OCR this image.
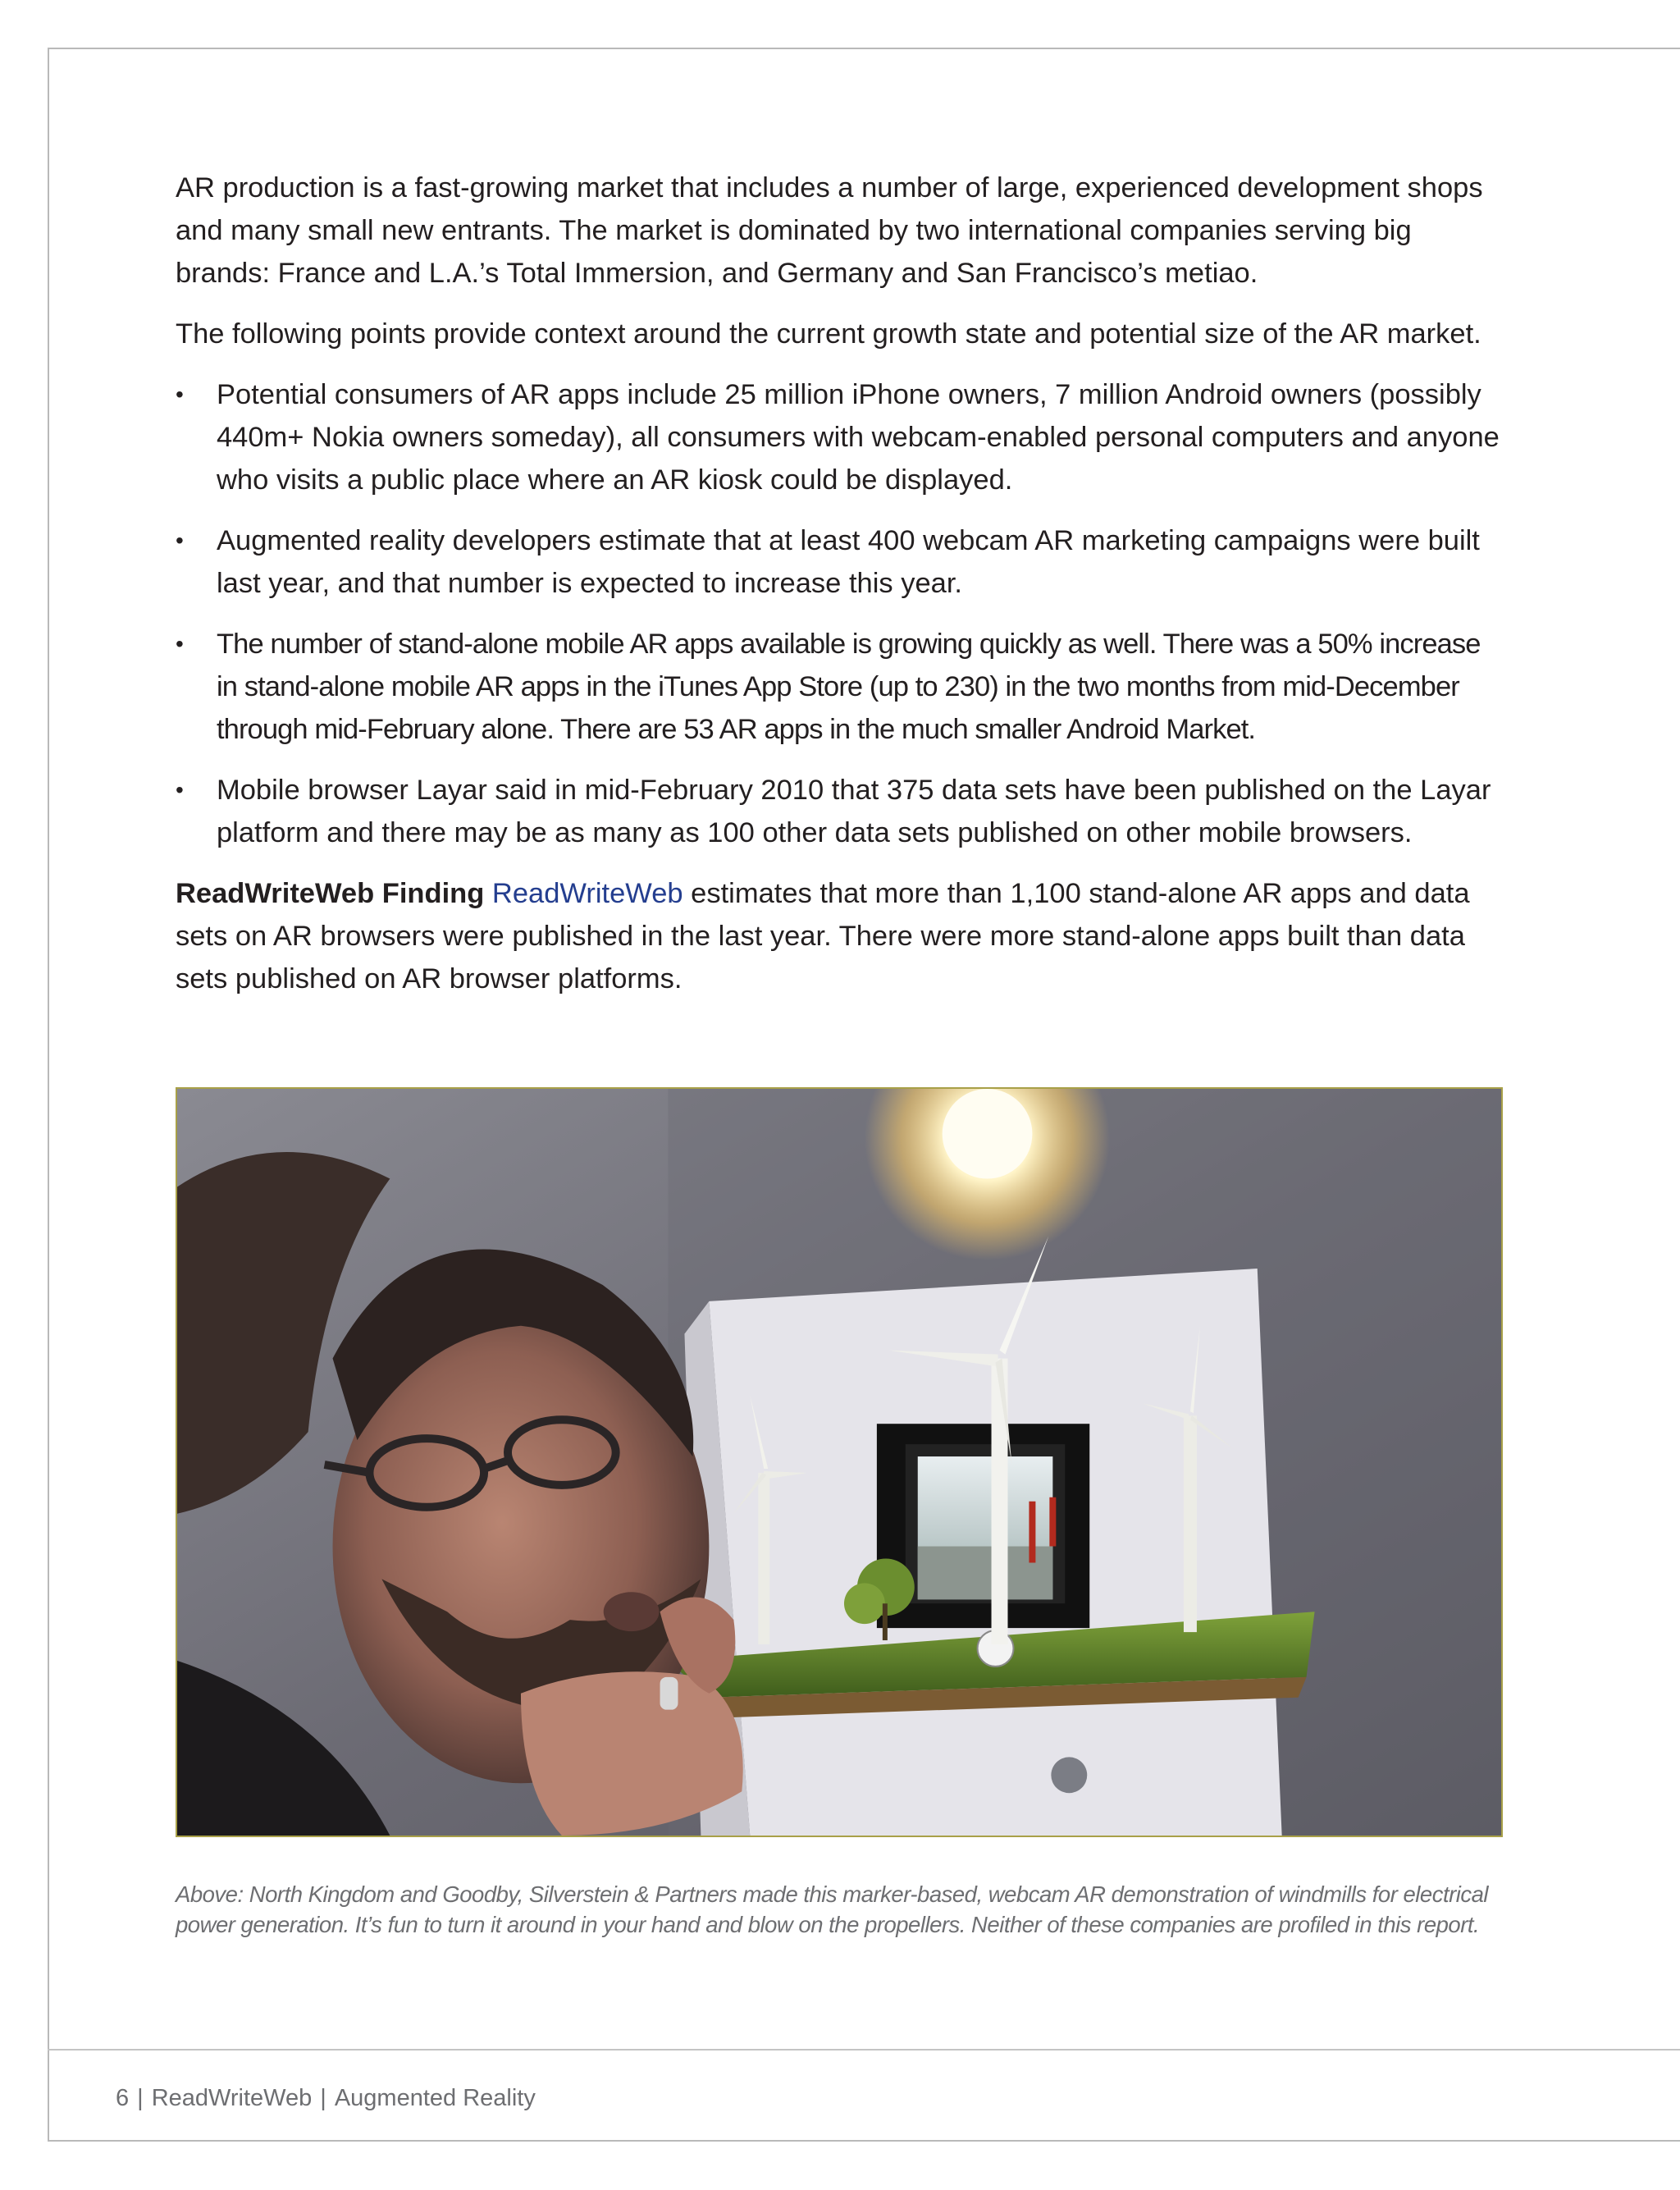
AR production is a fast-growing market that includes a number of large, experienced development shops and many small new entrants. The market is dominated by two international companies serving big brands: France and L.A.’s Total Immersion, and Germany and San Francisco’s metiao.

The following points provide context around the current growth state and potential size of the AR market.

• Potential consumers of AR apps include 25 million iPhone owners, 7 million Android owners (possibly 440m+ Nokia owners someday), all consumers with webcam-enabled personal computers and anyone who visits a public place where an AR kiosk could be displayed.
• Augmented reality developers estimate that at least 400 webcam AR marketing campaigns were built last year, and that number is expected to increase this year.
• The number of stand-alone mobile AR apps available is growing quickly as well. There was a 50% increase in stand-alone mobile AR apps in the iTunes App Store (up to 230) in the two months from mid-December through mid-February alone. There are 53 AR apps in the much smaller Android Market.
• Mobile browser Layar said in mid-February 2010 that 375 data sets have been published on the Layar platform and there may be as many as 100 other data sets published on other mobile browsers.

ReadWriteWeb Finding ReadWriteWeb estimates that more than 1,100 stand-alone AR apps and data sets on AR browsers were published in the last year. There were more stand-alone apps built than data sets published on AR browser platforms.

Above: North Kingdom and Goodby, Silverstein & Partners made this marker-based, webcam AR demonstration of windmills for electrical power generation. It’s fun to turn it around in your hand and blow on the propellers. Neither of these companies are profiled in this report.

6 | ReadWriteWeb | Augmented Reality
